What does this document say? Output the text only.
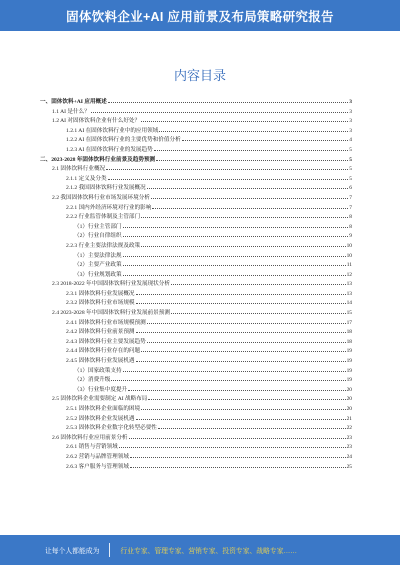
固体饮料企业+AI 应用前景及布局策略研究报告
内容目录
一、固体饮料+AI 应用概述	3
1.1 AI 是什么？	3
1.2 AI 对固体饮料企业有什么好处？	3
1.2.1 AI 在固体饮料行业中的应用领域	3
1.2.2 AI 在固体饮料行业的主要优势和价值分析	4
1.2.3 AI 在固体饮料行业的发展趋势	5
二、2023-2028 年固体饮料行业前景及趋势预测	5
2.1 固体饮料行业概况	5
2.1.1 定义及分类	5
2.1.2 我国固体饮料行业发展概况	6
2.2 我国固体饮料行业市场发展环境分析	7
2.2.1 国内外经济环境对行业的影响	7
2.2.2 行业监管体制及主管部门	8
（1）行业主管部门	8
（2）行业自律组织	9
2.2.3 行业主要法律法规及政策	10
（1）主要法律法规	10
（2）主要产业政策	11
（3）行业规划政策	12
2.3 2018-2022 年中国固体饮料行业发展现状分析	13
2.3.1 固体饮料行业发展概况	13
2.3.2 固体饮料行业市场规模	14
2.4 2023-2028 年中国固体饮料行业发展前景预测	15
2.4.1 固体饮料行业市场规模预测	17
2.4.2 固体饮料行业前景预测	18
2.4.3 固体饮料行业主要发展趋势	18
2.4.4 固体饮料行业存在的问题	19
2.4.5 固体饮料行业发展机遇	19
（1）国家政策支持	19
（2）消费升级	19
（3）行业集中度提升	20
2.5 固体饮料企业需要制定 AI 战略布局	20
2.5.1 固体饮料企业面临的困境	20
2.5.2 固体饮料企业发展机遇	21
2.5.3 固体饮料企业数字化转型必要性	22
2.6 固体饮料行业应用前景分析	23
2.6.1 销售与营销领域	23
2.6.2 营销与品牌管理领域	24
2.6.3 客户服务与管理领域	25
让每个人都能成为	行业专家、管理专家、营销专家、投资专家、战略专家……
